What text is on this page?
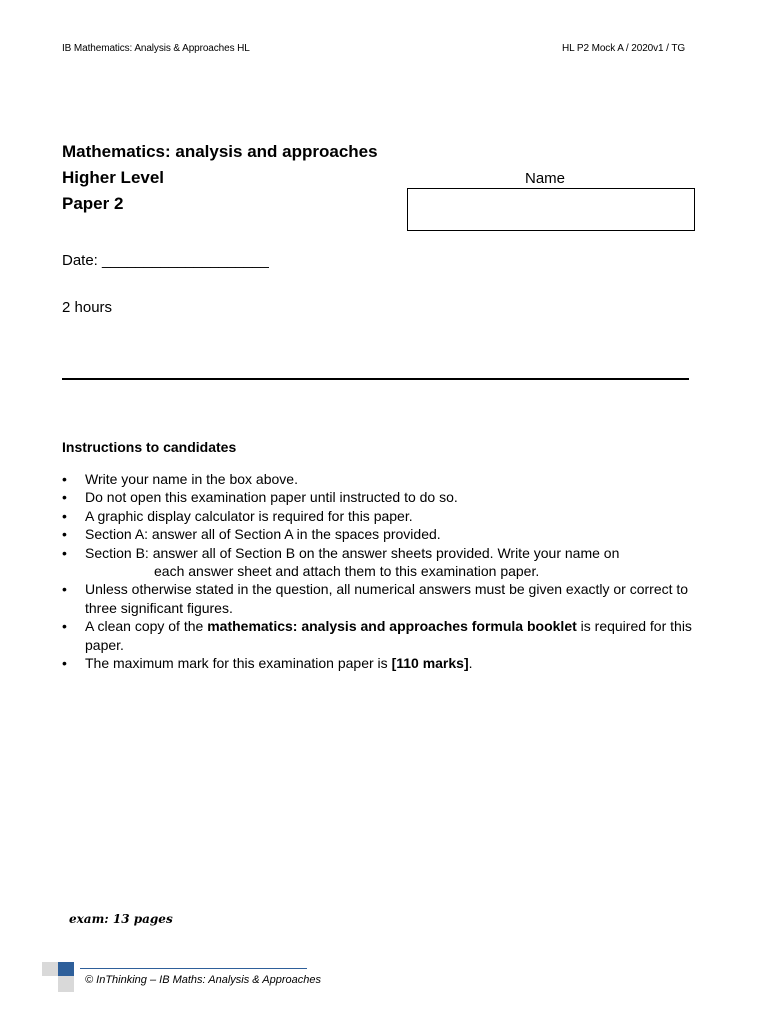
IB Mathematics: Analysis & Approaches HL	HL P2 Mock A / 2020v1 / TG
Mathematics: analysis and approaches
Higher Level
Paper 2
Name
Date: ____________________
2 hours
Instructions to candidates
• Write your name in the box above.
• Do not open this examination paper until instructed to do so.
• A graphic display calculator is required for this paper.
• Section A: answer all of Section A in the spaces provided.
• Section B: answer all of Section B on the answer sheets provided. Write your name on
each answer sheet and attach them to this examination paper.
• Unless otherwise stated in the question, all numerical answers must be given exactly or correct to three significant figures.
• A clean copy of the mathematics: analysis and approaches formula booklet is required for this paper.
• The maximum mark for this examination paper is [110 marks].
exam: 13 pages
© InThinking – IB Maths: Analysis & Approaches
